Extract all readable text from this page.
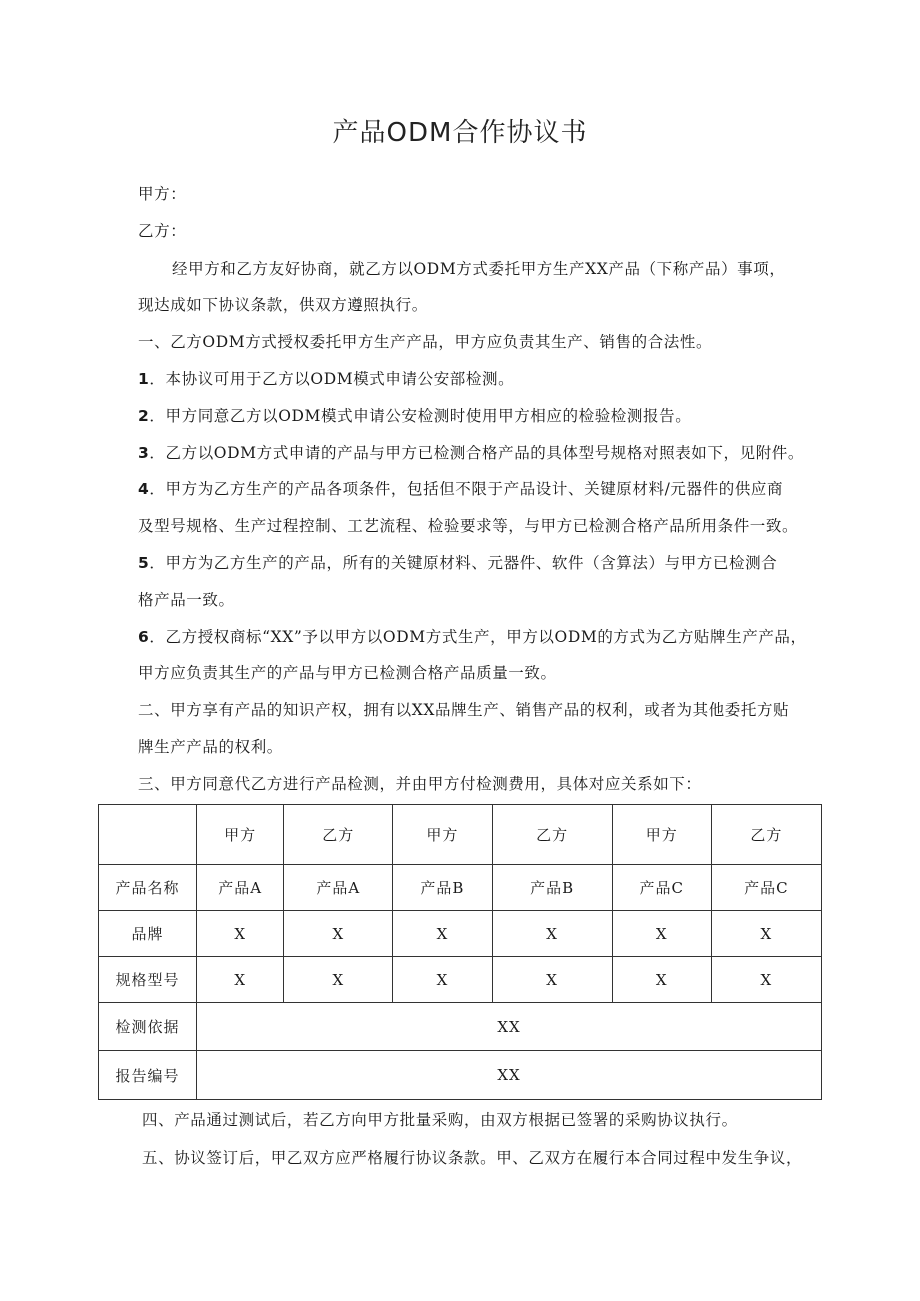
产品ODM合作协议书
甲方：
乙方：
经甲方和乙方友好协商，就乙方以ODM方式委托甲方生产XX产品（下称产品）事项，
现达成如下协议条款，供双方遵照执行。
一、乙方ODM方式授权委托甲方生产产品，甲方应负责其生产、销售的合法性。
1．本协议可用于乙方以ODM模式申请公安部检测。
2．甲方同意乙方以ODM模式申请公安检测时使用甲方相应的检验检测报告。
3．乙方以ODM方式申请的产品与甲方已检测合格产品的具体型号规格对照表如下，见附件。
4．甲方为乙方生产的产品各项条件，包括但不限于产品设计、关键原材料/元器件的供应商
及型号规格、生产过程控制、工艺流程、检验要求等，与甲方已检测合格产品所用条件一致。
5．甲方为乙方生产的产品，所有的关键原材料、元器件、软件（含算法）与甲方已检测合
格产品一致。
6．乙方授权商标“XX”予以甲方以ODM方式生产，甲方以ODM的方式为乙方贴牌生产产品，
甲方应负责其生产的产品与甲方已检测合格产品质量一致。
二、甲方享有产品的知识产权，拥有以XX品牌生产、销售产品的权利，或者为其他委托方贴
牌生产产品的权利。
三、甲方同意代乙方进行产品检测，并由甲方付检测费用，具体对应关系如下：
	甲方	乙方	甲方	乙方	甲方	乙方
产品名称	产品A	产品A	产品B	产品B	产品C	产品C
品牌	X	X	X	X	X	X
规格型号	X	X	X	X	X	X
检测依据	XX					
报告编号	XX					
四、产品通过测试后，若乙方向甲方批量采购，由双方根据已签署的采购协议执行。
五、协议签订后，甲乙双方应严格履行协议条款。甲、乙双方在履行本合同过程中发生争议，
